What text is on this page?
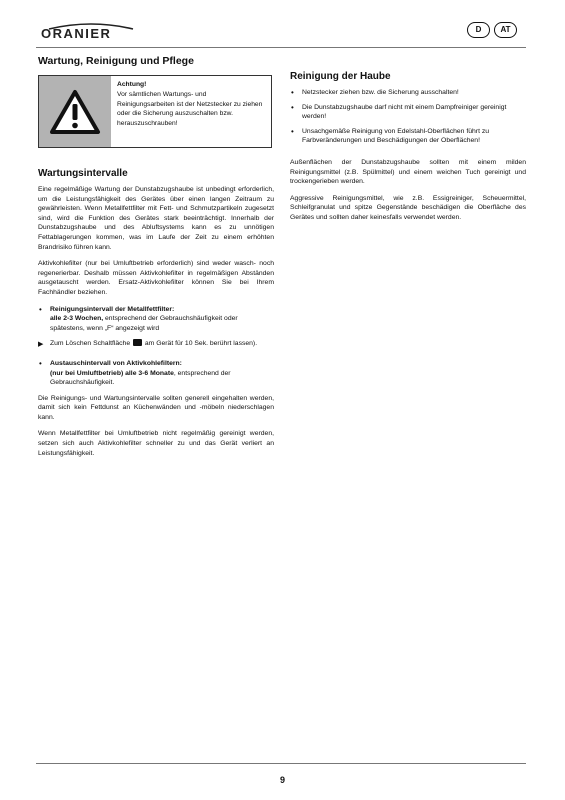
ORANIER	D	AT
Wartung, Reinigung und Pflege
Achtung!
Vor sämtlichen Wartungs- und Reinigungsarbeiten ist der Netzstecker zu ziehen oder die Sicherung auszuschalten bzw. herauszuschrauben!
Wartungsintervalle

Eine regelmäßige Wartung der Dunstabzugshaube ist unbedingt erforderlich, um die Leistungsfähigkeit des Gerätes über einen langen Zeitraum zu gewährleisten. Wenn Metallfettfilter mit Fett- und Schmutzpartikeln zugesetzt sind, wird die Funktion des Gerätes stark beeinträchtigt. Innerhalb der Dunstabzugshaube und des Abluftsystems kann es zu unnötigen Fettablagerungen kommen, was im Laufe der Zeit zu einem erhöhten Brandrisiko führen kann.

Aktivkohlefilter (nur bei Umluftbetrieb erforderlich) sind weder wasch- noch regenerierbar. Deshalb müssen Aktivkohlefilter in regelmäßigen Abständen ausgetauscht werden. Ersatz-Aktivkohlefilter können Sie bei Ihrem Fachhändler beziehen.

• Reinigungsintervall der Metallfettfilter:
alle 2-3 Wochen, entsprechend der Gebrauchshäufigkeit oder spätestens, wenn „F“ angezeigt wird
▶ Zum Löschen Schaltfläche am Gerät für 10 Sek. berührt lassen).
• Austauschintervall von Aktivkohlefiltern:
(nur bei Umluftbetrieb) alle 3-6 Monate, entsprechend der Gebrauchshäufigkeit.

Die Reinigungs- und Wartungsintervalle sollten generell eingehalten werden, damit sich kein Fettdunst an Küchenwänden und -möbeln niederschlagen kann.

Wenn Metallfettfilter bei Umluftbetrieb nicht regelmäßig gereinigt werden, setzen sich auch Aktivkohlefilter schneller zu und das Gerät verliert an Leistungsfähigkeit.

Reinigung der Haube
• Netzstecker ziehen bzw. die Sicherung ausschalten!
• Die Dunstabzugshaube darf nicht mit einem Dampfreiniger gereinigt werden!
• Unsachgemäße Reinigung von Edelstahl-Oberflächen führt zu Farbveränderungen und Beschädigungen der Oberflächen!

Außenflächen der Dunstabzugshaube sollten mit einem milden Reinigungsmittel (z.B. Spülmittel) und einem weichen Tuch gereinigt und trockengerieben werden.

Aggressive Reinigungsmittel, wie z.B. Essigreiniger, Scheuermittel, Schleifgranulat und spitze Gegenstände beschädigen die Oberfläche des Gerätes und sollten daher keinesfalls verwendet werden.

9
